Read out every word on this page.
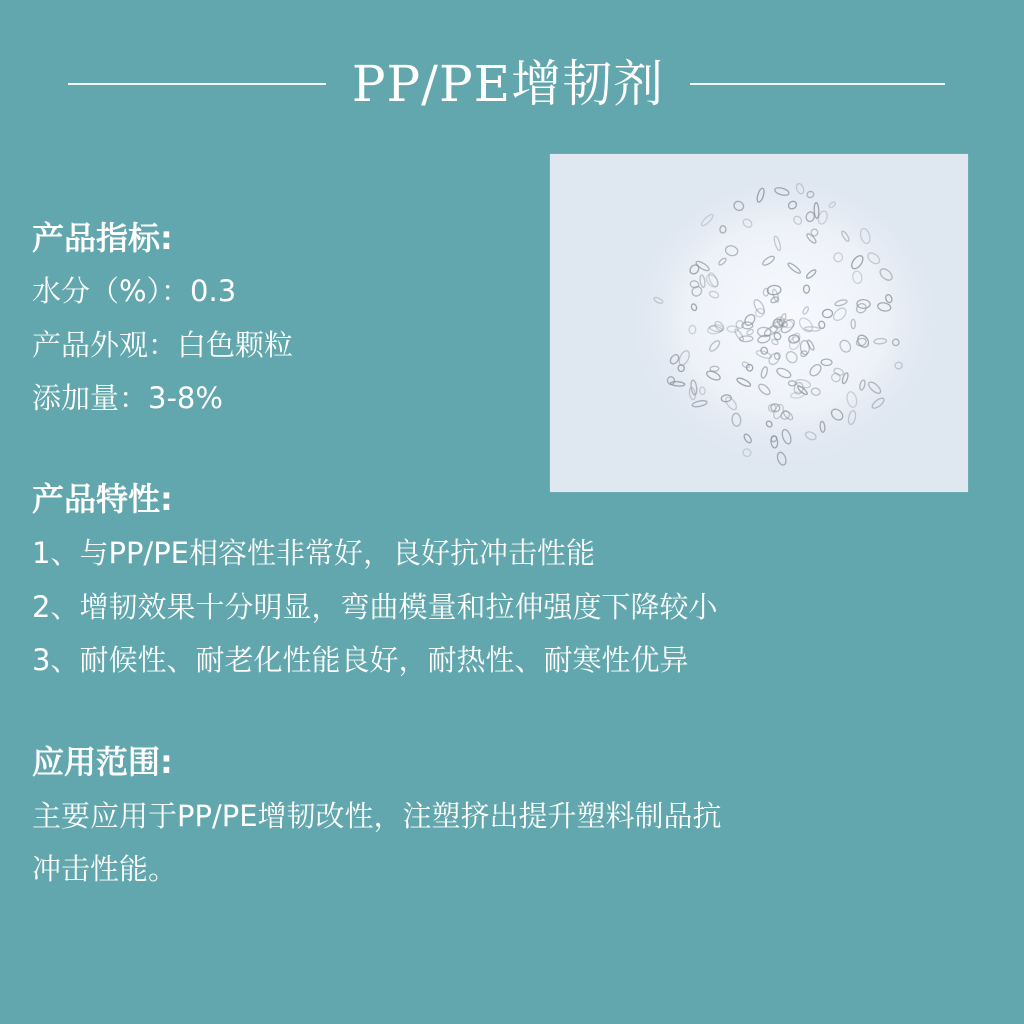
PP/PE增韧剂
产品指标:
水分（%）：0.3
产品外观：白色颗粒
添加量：3-8%
产品特性:
1、与PP/PE相容性非常好，良好抗冲击性能
2、增韧效果十分明显，弯曲模量和拉伸强度下降较小
3、耐候性、耐老化性能良好，耐热性、耐寒性优异
应用范围:
主要应用于PP/PE增韧改性，注塑挤出提升塑料制品抗
冲击性能。
